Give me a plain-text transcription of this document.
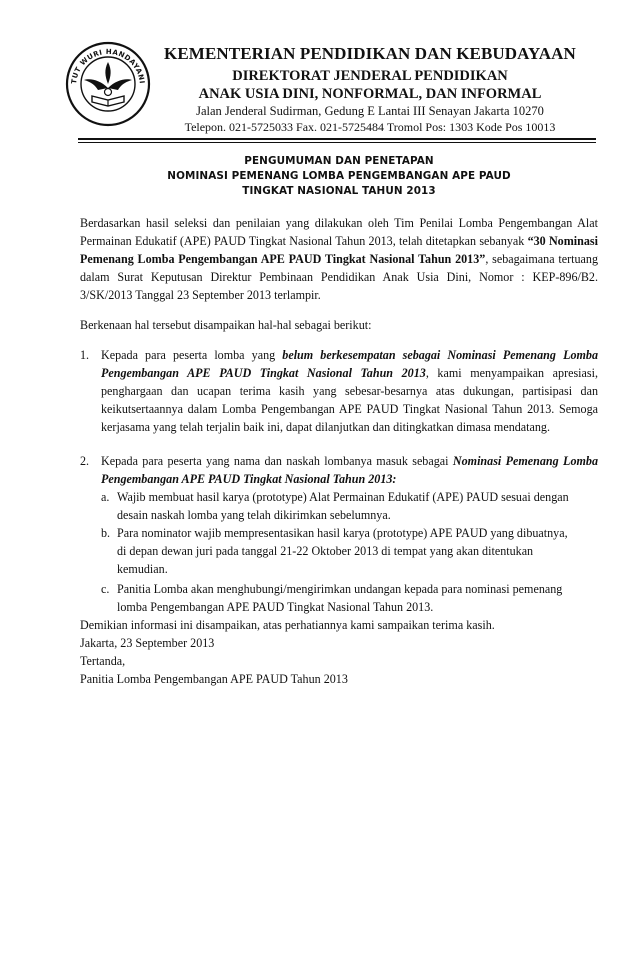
TUT WURI HANDAYANI
KEMENTERIAN PENDIDIKAN DAN KEBUDAYAAN
DIREKTORAT JENDERAL PENDIDIKAN
ANAK USIA DINI, NONFORMAL, DAN INFORMAL
Jalan Jenderal Sudirman, Gedung E Lantai III Senayan Jakarta 10270
Telepon. 021-5725033 Fax. 021-5725484 Tromol Pos: 1303 Kode Pos 10013
PENGUMUMAN DAN PENETAPAN
NOMINASI PEMENANG LOMBA PENGEMBANGAN APE PAUD
TINGKAT NASIONAL TAHUN 2013

Berdasarkan hasil seleksi dan penilaian yang dilakukan oleh Tim Penilai Lomba Pengembangan Alat Permainan Edukatif (APE) PAUD Tingkat Nasional Tahun 2013, telah ditetapkan sebanyak “30 Nominasi Pemenang Lomba Pengembangan APE PAUD Tingkat Nasional Tahun 2013”, sebagaimana tertuang dalam Surat Keputusan Direktur Pembinaan Pendidikan Anak Usia Dini, Nomor : KEP-896/B2. 3/SK/2013 Tanggal 23 September 2013 terlampir.

Berkenaan hal tersebut disampaikan hal-hal sebagai berikut:

1. Kepada para peserta lomba yang belum berkesempatan sebagai Nominasi Pemenang Lomba Pengembangan APE PAUD Tingkat Nasional Tahun 2013, kami menyampaikan apresiasi, penghargaan dan ucapan terima kasih yang sebesar-besarnya atas dukungan, partisipasi dan keikutsertaannya dalam Lomba Pengembangan APE PAUD Tingkat Nasional Tahun 2013. Semoga kerjasama yang telah terjalin baik ini, dapat dilanjutkan dan ditingkatkan dimasa mendatang.
2. Kepada para peserta yang nama dan naskah lombanya masuk sebagai Nominasi Pemenang Lomba Pengembangan APE PAUD Tingkat Nasional Tahun 2013:
a. Wajib membuat hasil karya (prototype) Alat Permainan Edukatif (APE) PAUD sesuai dengan
desain naskah lomba yang telah dikirimkan sebelumnya.
b. Para nominator wajib mempresentasikan hasil karya (prototype) APE PAUD yang dibuatnya,
di depan dewan juri pada tanggal 21-22 Oktober 2013 di tempat yang akan ditentukan
kemudian.
c. Panitia Lomba akan menghubungi/mengirimkan undangan kepada para nominasi pemenang
lomba Pengembangan APE PAUD Tingkat Nasional Tahun 2013.

Demikian informasi ini disampaikan, atas perhatiannya kami sampaikan terima kasih.

Jakarta, 23 September 2013

Tertanda,

Panitia Lomba Pengembangan APE PAUD Tahun 2013
